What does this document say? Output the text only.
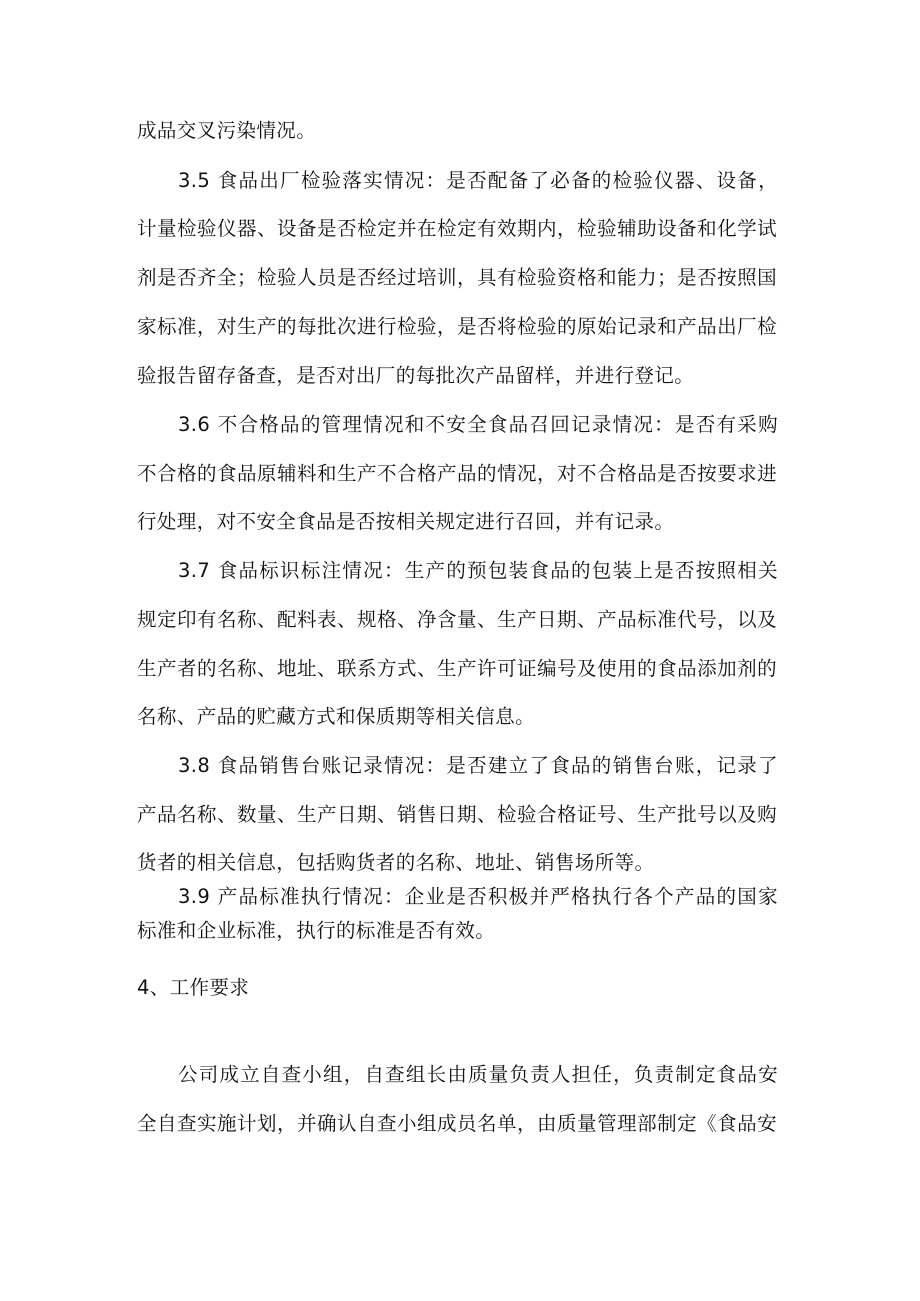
成品交叉污染情况。
3.5 食品出厂检验落实情况：是否配备了必备的检验仪器、设备，
计量检验仪器、设备是否检定并在检定有效期内，检验辅助设备和化学试
剂是否齐全；检验人员是否经过培训，具有检验资格和能力；是否按照国
家标准，对生产的每批次进行检验，是否将检验的原始记录和产品出厂检
验报告留存备查，是否对出厂的每批次产品留样，并进行登记。
3.6 不合格品的管理情况和不安全食品召回记录情况：是否有采购
不合格的食品原辅料和生产不合格产品的情况，对不合格品是否按要求进
行处理，对不安全食品是否按相关规定进行召回，并有记录。
3.7 食品标识标注情况：生产的预包装食品的包装上是否按照相关
规定印有名称、配料表、规格、净含量、生产日期、产品标准代号，以及
生产者的名称、地址、联系方式、生产许可证编号及使用的食品添加剂的
名称、产品的贮藏方式和保质期等相关信息。
3.8 食品销售台账记录情况：是否建立了食品的销售台账，记录了
产品名称、数量、生产日期、销售日期、检验合格证号、生产批号以及购
货者的相关信息，包括购货者的名称、地址、销售场所等。
3.9 产品标准执行情况：企业是否积极并严格执行各个产品的国家
标准和企业标准，执行的标准是否有效。
4、工作要求
公司成立自查小组，自查组长由质量负责人担任，负责制定食品安
全自查实施计划，并确认自查小组成员名单，由质量管理部制定《食品安
